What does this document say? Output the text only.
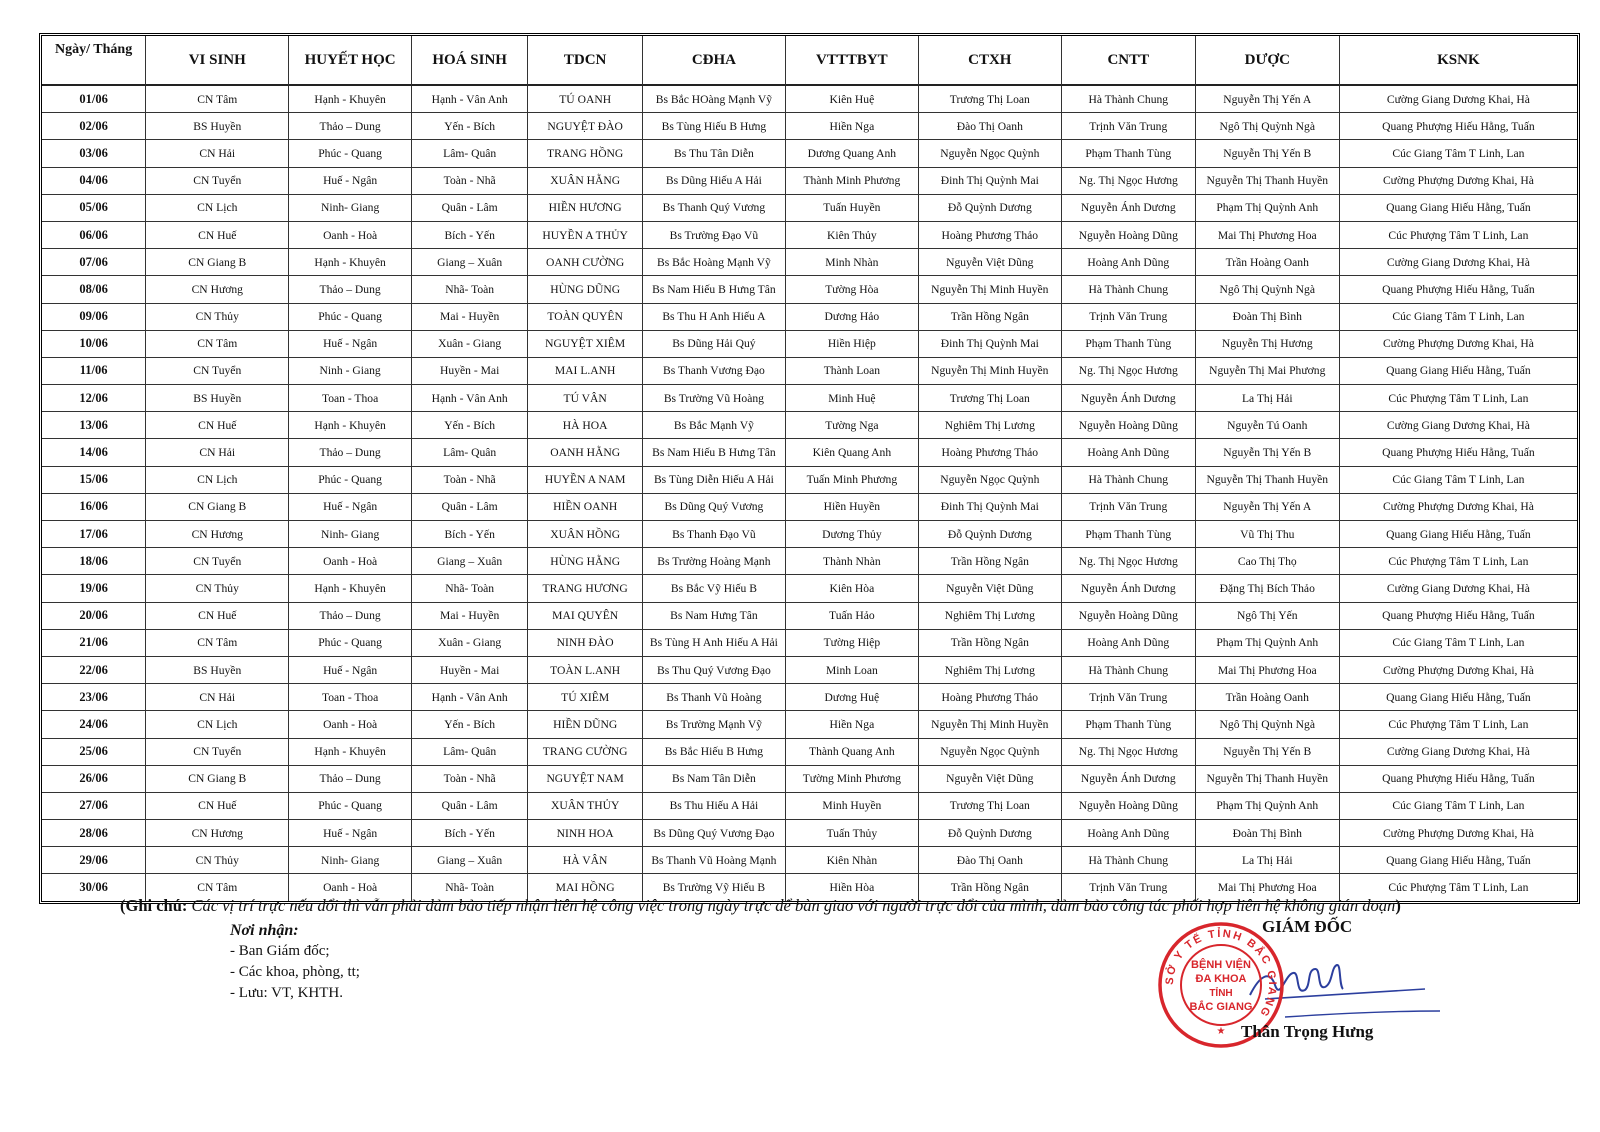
Ngày/ Tháng	VI SINH	HUYẾT HỌC	HOÁ SINH	TDCN	CĐHA	VTTTBYT	CTXH	CNTT	DƯỢC	KSNK
01/06	CN Tâm	Hạnh - Khuyên	Hạnh - Vân Anh	TÚ OANH	Bs Bắc HOàng Mạnh Vỹ	Kiên Huệ	Trương Thị Loan	Hà Thành Chung	Nguyễn Thị Yến A	Cường Giang Dương Khai, Hà
02/06	BS Huyền	Thảo – Dung	Yến - Bích	NGUYỆT ĐÀO	Bs Tùng Hiếu B Hưng	Hiền Nga	Đào Thị Oanh	Trịnh Văn Trung	Ngô Thị Quỳnh Ngà	Quang Phượng Hiếu Hằng, Tuấn
03/06	CN Hải	Phúc - Quang	Lâm- Quân	TRANG HỒNG	Bs Thu Tân Diễn	Dương Quang Anh	Nguyễn Ngọc Quỳnh	Phạm Thanh Tùng	Nguyễn Thị Yến B	Cúc Giang Tâm T Linh, Lan
04/06	CN Tuyển	Huế - Ngân	Toàn - Nhã	XUÂN HẰNG	Bs Dũng Hiếu A Hải	Thành Minh Phương	Đinh Thị Quỳnh Mai	Ng. Thị Ngọc Hương	Nguyễn Thị Thanh Huyền	Cường Phượng Dương Khai, Hà
05/06	CN Lịch	Ninh- Giang	Quân - Lâm	HIỀN HƯƠNG	Bs Thanh Quý Vương	Tuấn Huyền	Đỗ Quỳnh Dương	Nguyễn Ánh Dương	Phạm Thị Quỳnh Anh	Quang Giang Hiếu Hằng, Tuấn
06/06	CN Huế	Oanh - Hoà	Bích - Yến	HUYỀN A THỦY	Bs Trường Đạo Vũ	Kiên Thủy	Hoàng Phương Thảo	Nguyễn Hoàng Dũng	Mai Thị Phương Hoa	Cúc Phượng Tâm T Linh, Lan
07/06	CN Giang B	Hạnh - Khuyên	Giang – Xuân	OANH CƯỜNG	Bs Bắc Hoàng Mạnh Vỹ	Minh Nhàn	Nguyễn Việt Dũng	Hoàng Anh Dũng	Trần Hoàng Oanh	Cường Giang Dương Khai, Hà
08/06	CN Hương	Thảo – Dung	Nhã- Toàn	HÙNG DŨNG	Bs Nam Hiếu B Hưng Tân	Tường Hòa	Nguyễn Thị Minh Huyền	Hà Thành Chung	Ngô Thị Quỳnh Ngà	Quang Phượng Hiếu Hằng, Tuấn
09/06	CN Thủy	Phúc - Quang	Mai - Huyền	TOÀN QUYÊN	Bs Thu H Anh Hiếu A	Dương Hảo	Trần Hồng Ngân	Trịnh Văn Trung	Đoàn Thị Bình	Cúc Giang Tâm T Linh, Lan
10/06	CN Tâm	Huế - Ngân	Xuân - Giang	NGUYỆT XIÊM	Bs Dũng Hải Quý	Hiền Hiệp	Đinh Thị Quỳnh Mai	Phạm Thanh Tùng	Nguyễn Thị Hương	Cường Phượng Dương Khai, Hà
11/06	CN Tuyển	Ninh - Giang	Huyền - Mai	MAI L.ANH	Bs Thanh Vương Đạo	Thành Loan	Nguyễn Thị Minh Huyền	Ng. Thị Ngọc Hương	Nguyễn Thị Mai Phương	Quang Giang Hiếu Hằng, Tuấn
12/06	BS Huyền	Toan - Thoa	Hạnh - Vân Anh	TÚ VÂN	Bs Trường Vũ Hoàng	Minh Huệ	Trương Thị Loan	Nguyễn Ánh Dương	La Thị Hải	Cúc Phượng Tâm T Linh, Lan
13/06	CN Huế	Hạnh - Khuyên	Yến - Bích	HÀ HOA	Bs Bắc Mạnh Vỹ	Tường Nga	Nghiêm Thị Lương	Nguyễn Hoàng Dũng	Nguyễn Tú Oanh	Cường Giang Dương Khai, Hà
14/06	CN Hải	Thảo – Dung	Lâm- Quân	OANH HẰNG	Bs Nam Hiếu B Hưng Tân	Kiên Quang Anh	Hoàng Phương Thảo	Hoàng Anh Dũng	Nguyễn Thị Yến B	Quang Phượng Hiếu Hằng, Tuấn
15/06	CN Lịch	Phúc - Quang	Toàn - Nhã	HUYỀN A NAM	Bs Tùng Diễn Hiếu A Hải	Tuấn Minh Phương	Nguyễn Ngọc Quỳnh	Hà Thành Chung	Nguyễn Thị Thanh Huyền	Cúc Giang Tâm T Linh, Lan
16/06	CN Giang B	Huế - Ngân	Quân - Lâm	HIỀN OANH	Bs Dũng Quý Vương	Hiền Huyền	Đinh Thị Quỳnh Mai	Trịnh Văn Trung	Nguyễn Thị Yến A	Cường Phượng Dương Khai, Hà
17/06	CN Hương	Ninh- Giang	Bích - Yến	XUÂN HỒNG	Bs Thanh Đạo Vũ	Dương Thủy	Đỗ Quỳnh Dương	Phạm Thanh Tùng	Vũ Thị Thu	Quang Giang Hiếu Hằng, Tuấn
18/06	CN Tuyển	Oanh - Hoà	Giang – Xuân	HÙNG HẰNG	Bs Trường Hoàng Mạnh	Thành Nhàn	Trần Hồng Ngân	Ng. Thị Ngọc Hương	Cao Thị Thọ	Cúc Phượng Tâm T Linh, Lan
19/06	CN Thủy	Hạnh - Khuyên	Nhã- Toàn	TRANG HƯƠNG	Bs Bắc Vỹ Hiếu B	Kiên Hòa	Nguyễn Việt Dũng	Nguyễn Ánh Dương	Đặng Thị Bích Thảo	Cường Giang Dương Khai, Hà
20/06	CN Huế	Thảo – Dung	Mai - Huyền	MAI QUYÊN	Bs Nam Hưng Tân	Tuấn Hảo	Nghiêm Thị Lương	Nguyễn Hoàng Dũng	Ngô Thị Yến	Quang Phượng Hiếu Hằng, Tuấn
21/06	CN Tâm	Phúc - Quang	Xuân - Giang	NINH ĐÀO	Bs Tùng H Anh Hiếu A Hải	Tường Hiệp	Trần Hồng Ngân	Hoàng Anh Dũng	Phạm Thị Quỳnh Anh	Cúc Giang Tâm T Linh, Lan
22/06	BS Huyền	Huế - Ngân	Huyền - Mai	TOÀN L.ANH	Bs Thu Quý Vương Đạo	Minh Loan	Nghiêm Thị Lương	Hà Thành Chung	Mai Thị Phương Hoa	Cường Phượng Dương Khai, Hà
23/06	CN Hải	Toan - Thoa	Hạnh - Vân Anh	TÚ XIÊM	Bs Thanh Vũ Hoàng	Dương Huệ	Hoàng Phương Thảo	Trịnh Văn Trung	Trần Hoàng Oanh	Quang Giang Hiếu Hằng, Tuấn
24/06	CN Lịch	Oanh - Hoà	Yến - Bích	HIỀN DŨNG	Bs Trường Mạnh Vỹ	Hiền Nga	Nguyễn Thị Minh Huyền	Phạm Thanh Tùng	Ngô Thị Quỳnh Ngà	Cúc Phượng Tâm T Linh, Lan
25/06	CN Tuyển	Hạnh - Khuyên	Lâm- Quân	TRANG CƯỜNG	Bs Bắc Hiếu B Hưng	Thành Quang Anh	Nguyễn Ngọc Quỳnh	Ng. Thị Ngọc Hương	Nguyễn Thị Yến B	Cường Giang Dương Khai, Hà
26/06	CN Giang B	Thảo – Dung	Toàn - Nhã	NGUYỆT NAM	Bs Nam Tân Diễn	Tường Minh Phương	Nguyễn Việt Dũng	Nguyễn Ánh Dương	Nguyễn Thị Thanh Huyền	Quang Phượng Hiếu Hằng, Tuấn
27/06	CN Huế	Phúc - Quang	Quân - Lâm	XUÂN THỦY	Bs Thu Hiếu A Hải	Minh Huyền	Trương Thị Loan	Nguyễn Hoàng Dũng	Phạm Thị Quỳnh Anh	Cúc Giang Tâm T Linh, Lan
28/06	CN Hương	Huế - Ngân	Bích - Yến	NINH HOA	Bs Dũng Quý Vương Đạo	Tuấn Thủy	Đỗ Quỳnh Dương	Hoàng Anh Dũng	Đoàn Thị Bình	Cường Phượng Dương Khai, Hà
29/06	CN Thủy	Ninh- Giang	Giang – Xuân	HÀ VÂN	Bs Thanh Vũ Hoàng Mạnh	Kiên Nhàn	Đào Thị Oanh	Hà Thành Chung	La Thị Hải	Quang Giang Hiếu Hằng, Tuấn
30/06	CN Tâm	Oanh - Hoà	Nhã- Toàn	MAI HỒNG	Bs Trường Vỹ Hiếu B	Hiền Hòa	Trần Hồng Ngân	Trịnh Văn Trung	Mai Thị Phương Hoa	Cúc Phượng Tâm T Linh, Lan
(Ghi chú: Các vị trí trực nếu đổi thì vẫn phải đảm bảo tiếp nhận liên hệ công việc trong ngày trực để bàn giao với người trực đổi của mình, đảm bảo công tác phối hợp liên hệ không gián đoạn)
Nơi nhận:
- Ban Giám đốc;
- Các khoa, phòng, tt;
- Lưu: VT, KHTH.
SỞ Y TẾ TỈNH BẮC GIANG
BỆNH VIỆN
ĐA KHOA
TỈNH
BẮC GIANG
★
GIÁM ĐỐC
Thân Trọng Hưng
